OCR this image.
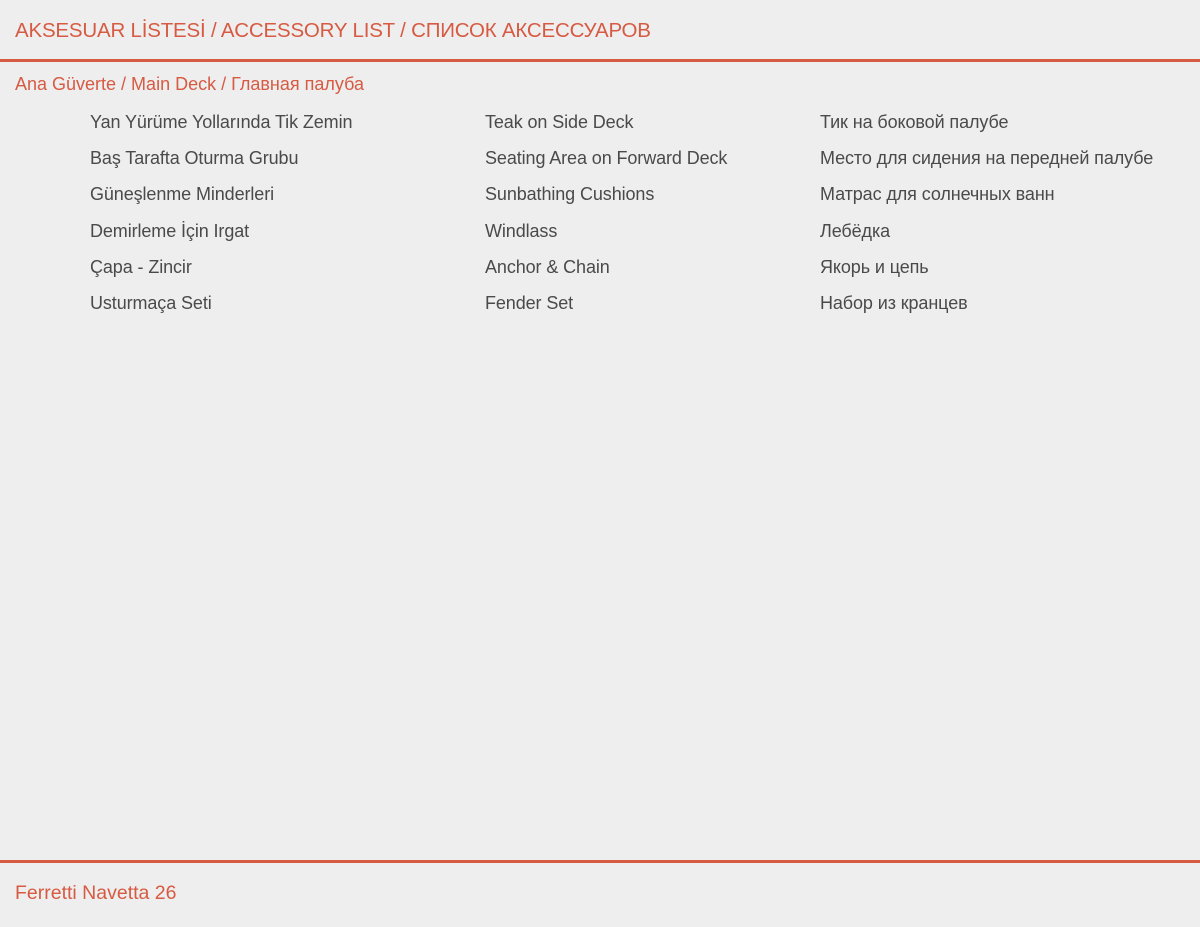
AKSESUAR LİSTESİ / ACCESSORY LIST / СПИСОК АКСЕССУАРОВ
Ana Güverte / Main Deck / Главная палуба
Yan Yürüme Yollarında Tik Zemin	Teak on Side Deck	Тик на боковой палубе
Baş Tarafta Oturma Grubu	Seating Area on Forward Deck	Место для сидения на передней палубе
Güneşlenme Minderleri	Sunbathing Cushions	Матрас для солнечных ванн
Demirleme İçin Irgat	Windlass	Лебёдка
Çapa - Zincir	Anchor & Chain	Якорь и цепь
Usturmaça Seti	Fender Set	Набор из кранцев
Ferretti Navetta 26
